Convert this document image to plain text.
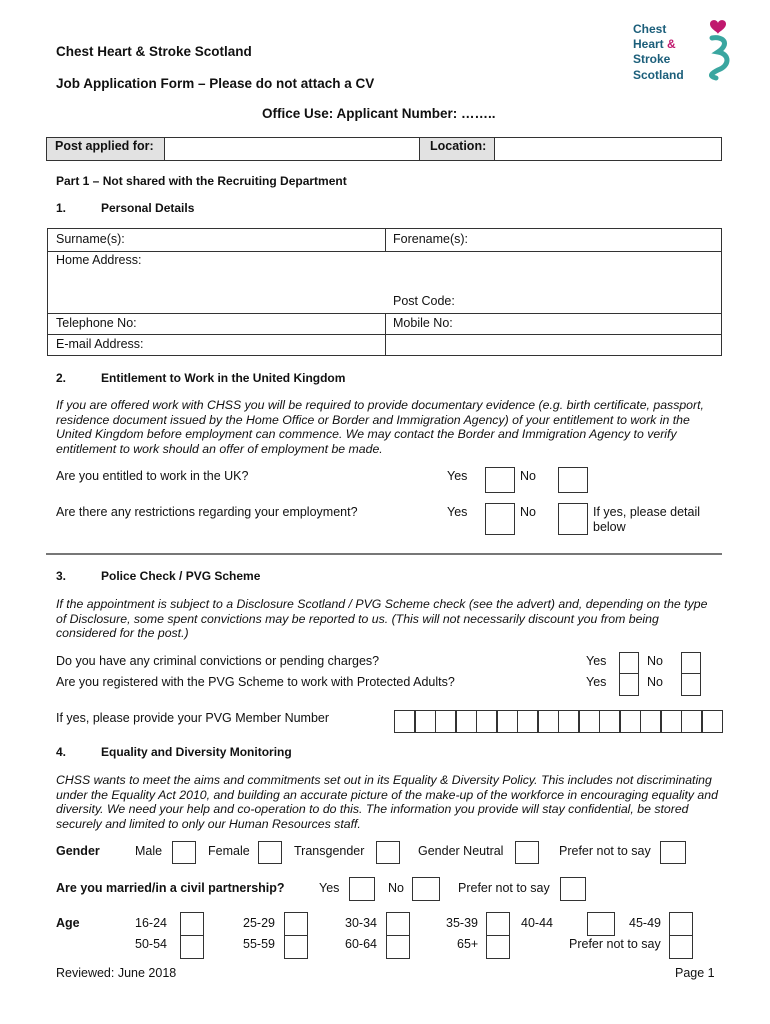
Chest
Heart &
Stroke
Scotland
Chest Heart & Stroke Scotland
Job Application Form – Please do not attach a CV
Office Use: Applicant Number: ……..
Post applied for:	Location:
Part 1 – Not shared with the Recruiting Department
1.	Personal Details
Surname(s):	Forename(s):
Home Address:
Post Code:
Telephone No:	Mobile No:
E-mail Address:
2.	Entitlement to Work in the United Kingdom
If you are offered work with CHSS you will be required to provide documentary evidence (e.g. birth certificate, passport, residence document issued by the Home Office or Border and Immigration Agency) of your entitlement to work in the United Kingdom before employment can commence. We may contact the Border and Immigration Agency to verify entitlement to work should an offer of employment be made.
Are you entitled to work in the UK?	Yes	No
Are there any restrictions regarding your employment?	Yes	No	If yes, please detail below
3.	Police Check / PVG Scheme
If the appointment is subject to a Disclosure Scotland / PVG Scheme check (see the advert) and, depending on the type of Disclosure, some spent convictions may be reported to us. (This will not necessarily discount you from being considered for the post.)
Do you have any criminal convictions or pending charges?	Yes	No
Are you registered with the PVG Scheme to work with Protected Adults?	Yes	No
If yes, please provide your PVG Member Number
4.	Equality and Diversity Monitoring
CHSS wants to meet the aims and commitments set out in its Equality & Diversity Policy. This includes not discriminating under the Equality Act 2010, and building an accurate picture of the make-up of the workforce in encouraging equality and diversity. We need your help and co-operation to do this. The information you provide will stay confidential, be stored securely and limited to only our Human Resources staff.
Gender	Male	Female	Transgender	Gender Neutral	Prefer not to say
Are you married/in a civil partnership?	Yes	No	Prefer not to say
Age	16-24	25-29	30-34	35-39	40-44	45-49
50-54	55-59	60-64	65+	Prefer not to say
Reviewed: June 2018	Page 1
